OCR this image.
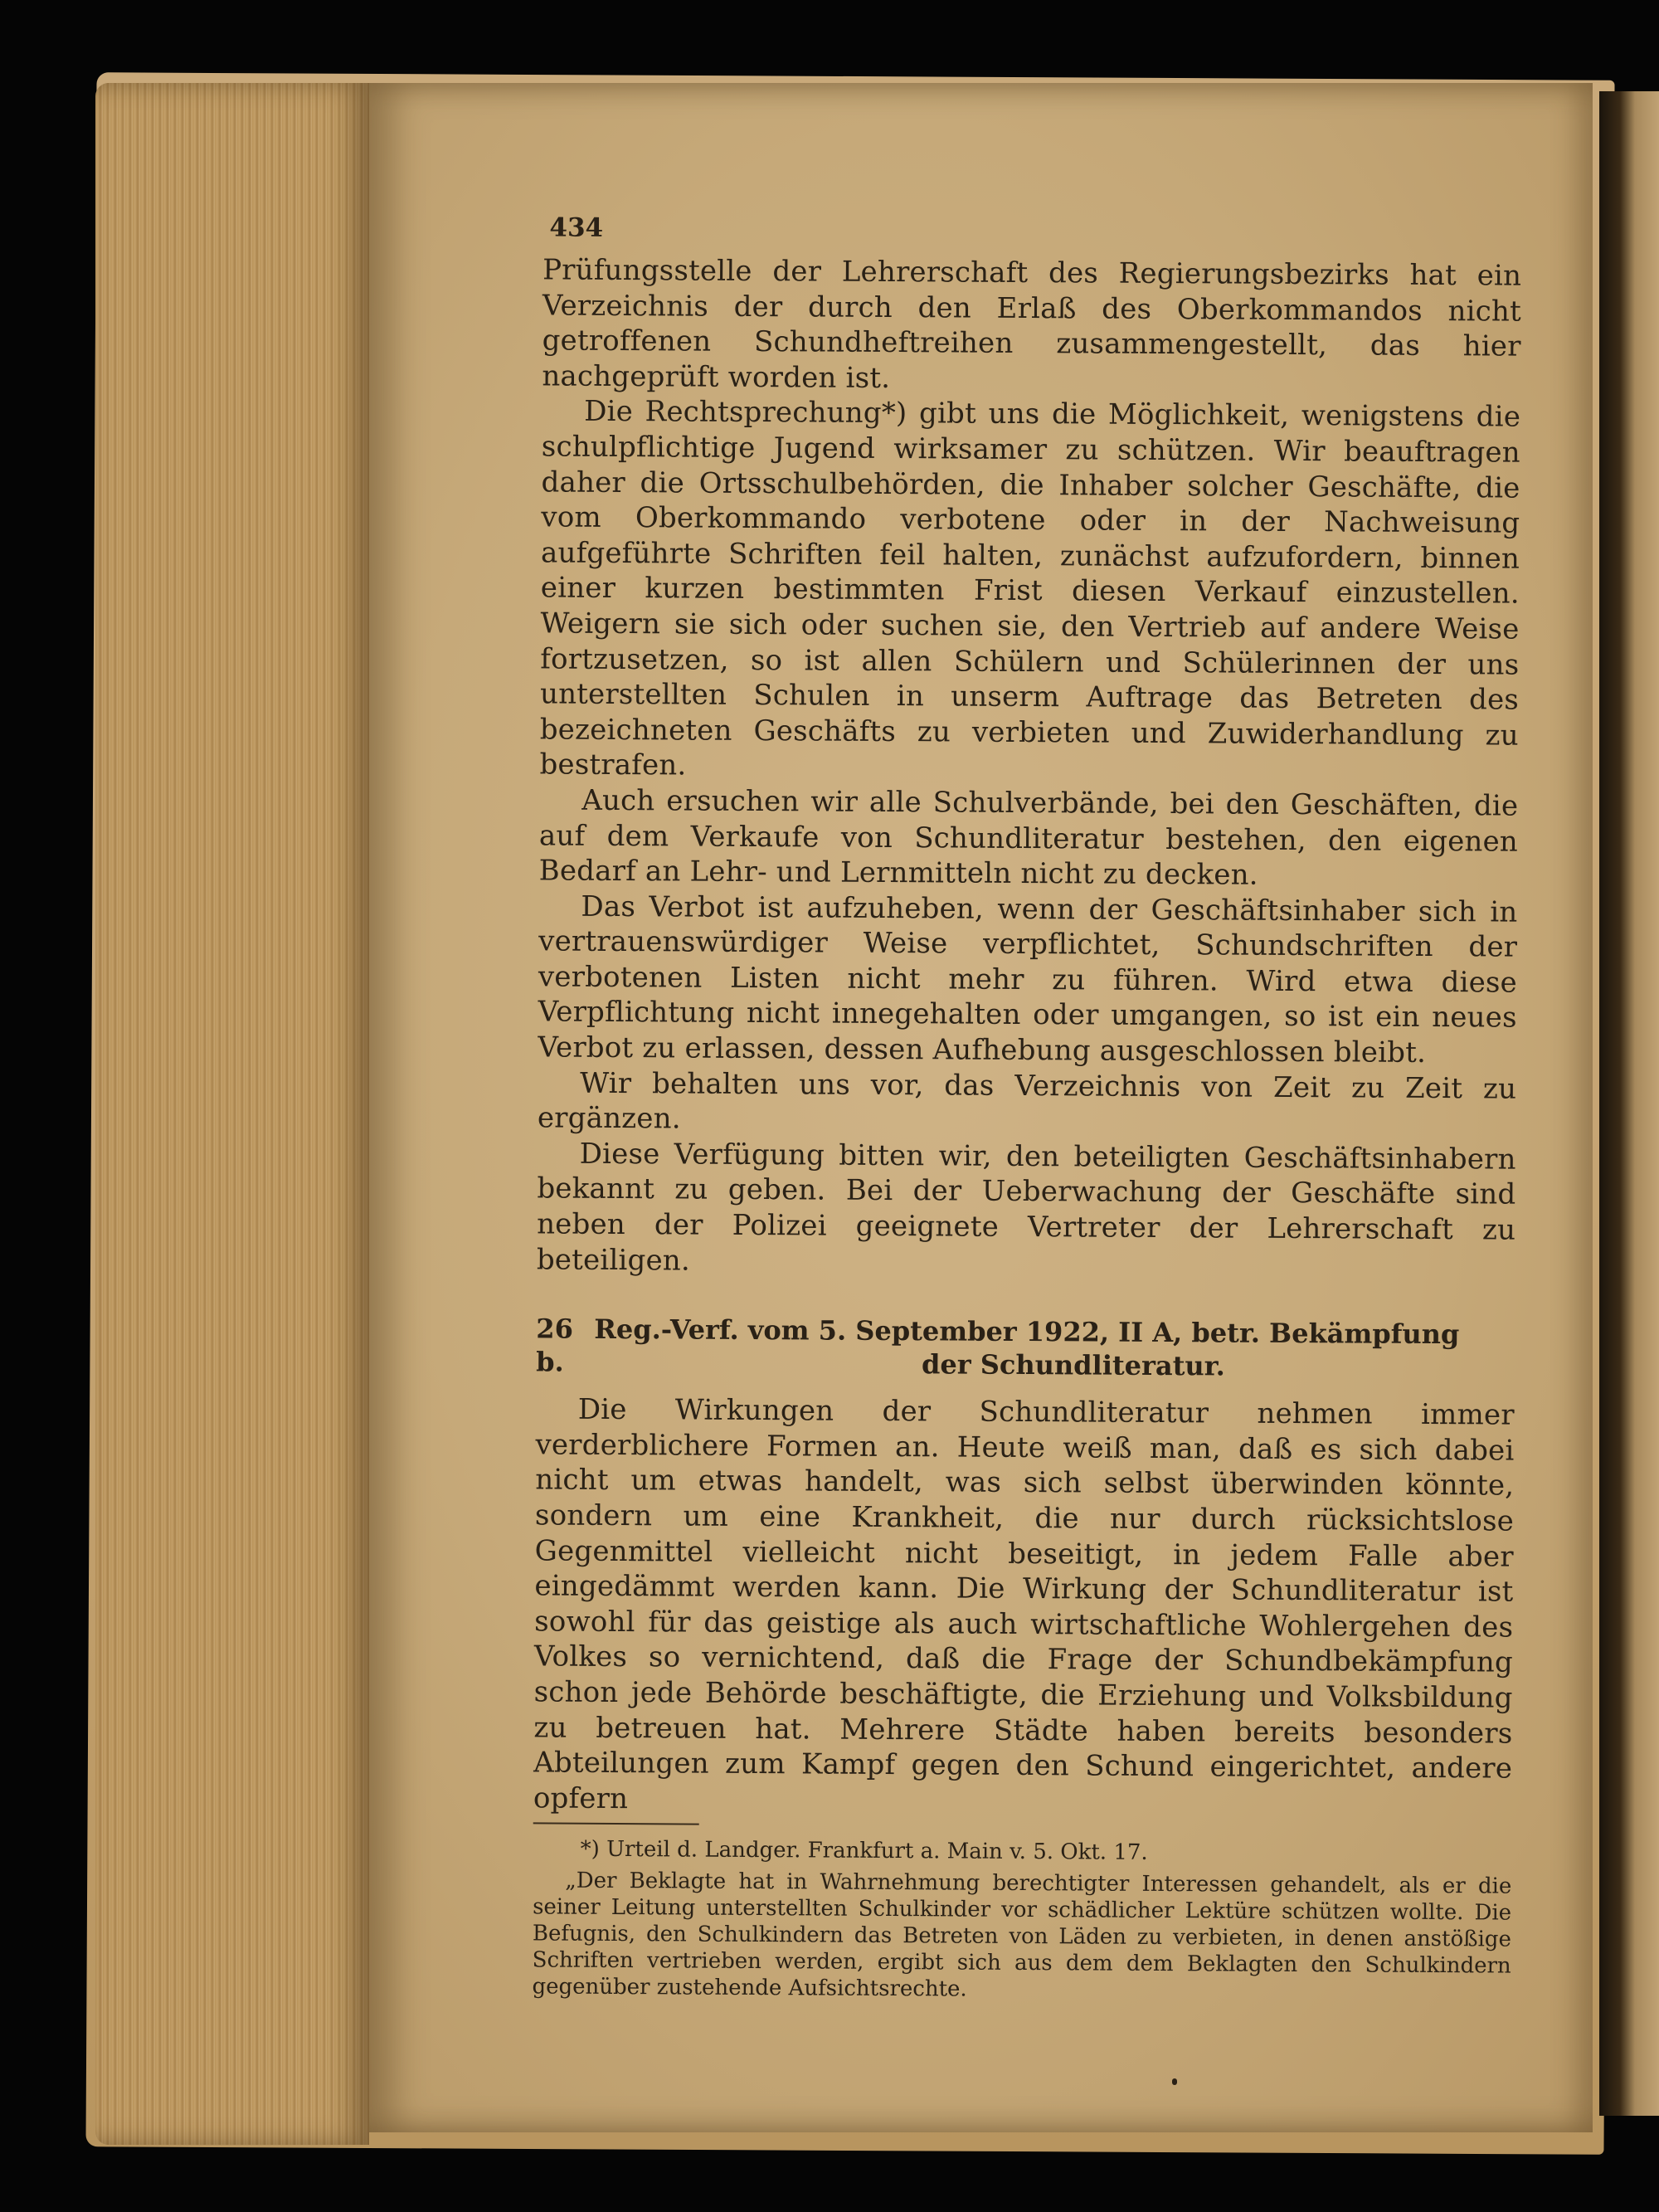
434

Prüfungsstelle der Lehrerschaft des Regierungsbezirks hat ein Verzeichnis der durch den Erlaß des Oberkommandos nicht getroffenen Schundheftreihen zusammengestellt, das hier nachgeprüft worden ist.

Die Rechtsprechung*) gibt uns die Möglichkeit, wenigstens die schulpflichtige Jugend wirksamer zu schützen. Wir beauftragen daher die Ortsschulbehörden, die Inhaber solcher Geschäfte, die vom Oberkommando verbotene oder in der Nachweisung aufgeführte Schriften feil halten, zunächst aufzufordern, binnen einer kurzen bestimmten Frist diesen Verkauf einzustellen. Weigern sie sich oder suchen sie, den Vertrieb auf andere Weise fortzusetzen, so ist allen Schülern und Schülerinnen der uns unterstellten Schulen in unserm Auftrage das Betreten des bezeichneten Geschäfts zu verbieten und Zuwiderhandlung zu bestrafen.

Auch ersuchen wir alle Schulverbände, bei den Geschäften, die auf dem Verkaufe von Schundliteratur bestehen, den eigenen Bedarf an Lehr- und Lernmitteln nicht zu decken.

Das Verbot ist aufzuheben, wenn der Geschäftsinhaber sich in vertrauenswürdiger Weise verpflichtet, Schundschriften der verbotenen Listen nicht mehr zu führen. Wird etwa diese Verpflichtung nicht innegehalten oder umgangen, so ist ein neues Verbot zu erlassen, dessen Aufhebung ausgeschlossen bleibt.

Wir behalten uns vor, das Verzeichnis von Zeit zu Zeit zu ergänzen.

Diese Verfügung bitten wir, den beteiligten Geschäftsinhabern bekannt zu geben. Bei der Ueberwachung der Geschäfte sind neben der Polizei geeignete Vertreter der Lehrerschaft zu beteiligen.

26 b.
Reg.-Verf. vom 5. September 1922, II A, betr. Bekämpfung
der Schundliteratur.

Die Wirkungen der Schundliteratur nehmen immer verderblichere Formen an. Heute weiß man, daß es sich dabei nicht um etwas handelt, was sich selbst überwinden könnte, sondern um eine Krankheit, die nur durch rücksichtslose Gegenmittel vielleicht nicht beseitigt, in jedem Falle aber eingedämmt werden kann. Die Wirkung der Schundliteratur ist sowohl für das geistige als auch wirtschaftliche Wohlergehen des Volkes so vernichtend, daß die Frage der Schundbekämpfung schon jede Behörde beschäftigte, die Erziehung und Volksbildung zu betreuen hat. Mehrere Städte haben bereits besonders Abteilungen zum Kampf gegen den Schund eingerichtet, andere opfern

*) Urteil d. Landger. Frankfurt a. Main v. 5. Okt. 17.

„Der Beklagte hat in Wahrnehmung berechtigter Interessen gehandelt, als er die seiner Leitung unterstellten Schulkinder vor schädlicher Lektüre schützen wollte. Die Befugnis, den Schulkindern das Betreten von Läden zu verbieten, in denen anstößige Schriften vertrieben werden, ergibt sich aus dem dem Beklagten den Schulkindern gegenüber zustehende Aufsichtsrechte.
